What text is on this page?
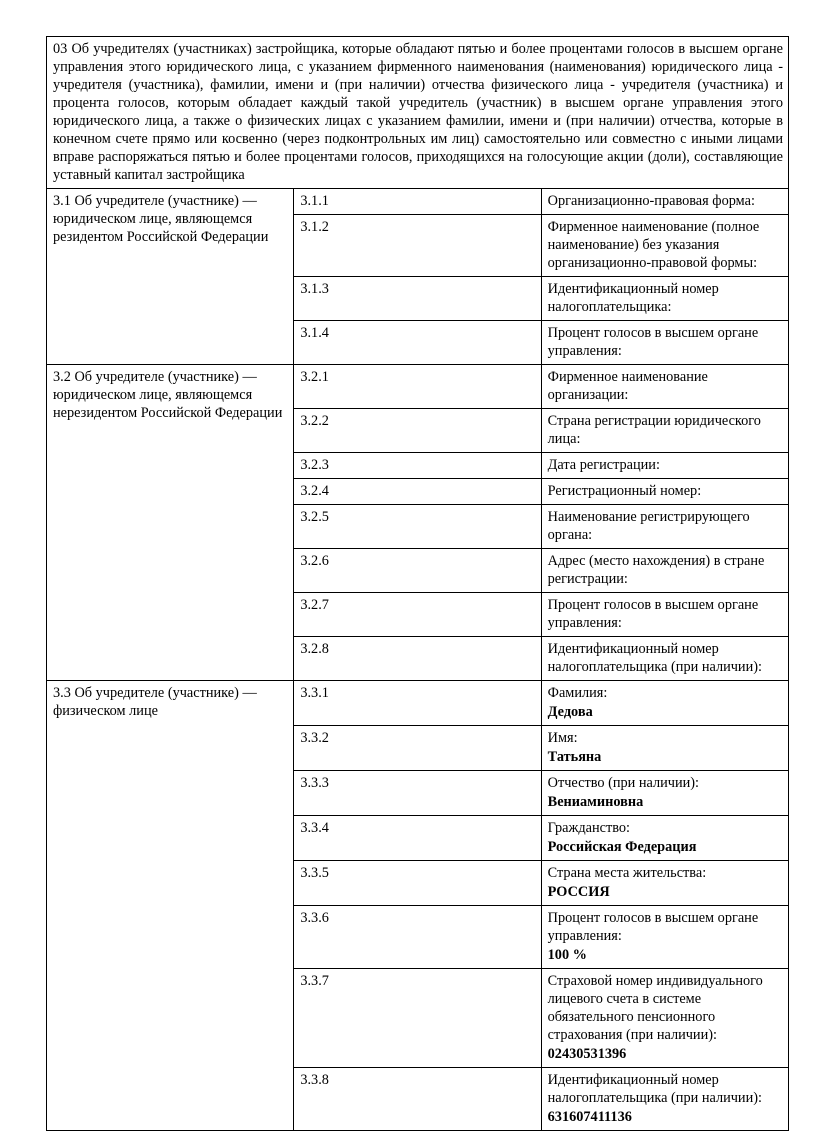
03 Об учредителях (участниках) застройщика, которые обладают пятью и более процентами голосов в высшем органе управления этого юридического лица, с указанием фирменного наименования (наименования) юридического лица - учредителя (участника), фамилии, имени и (при наличии) отчества физического лица - учредителя (участника) и процента голосов, которым обладает каждый такой учредитель (участник) в высшем органе управления этого юридического лица, а также о физических лицах с указанием фамилии, имени и (при наличии) отчества, которые в конечном счете прямо или косвенно (через подконтрольных им лиц) самостоятельно или совместно с иными лицами вправе распоряжаться пятью и более процентами голосов, приходящихся на голосующие акции (доли), составляющие уставный капитал застройщика		
3.1 Об учредителе (участнике) — юридическом лице, являющемся резидентом Российской Федерации	3.1.1	Организационно-правовая форма:

	3.1.2	Фирменное наименование (полное наименование) без указания организационно-правовой формы:

	3.1.3	Идентификационный номер налогоплательщика:

	3.1.4	Процент голосов в высшем органе управления:

3.2 Об учредителе (участнике) — юридическом лице, являющемся нерезидентом Российской Федерации	3.2.1	Фирменное наименование организации:

	3.2.2	Страна регистрации юридического лица:

	3.2.3	Дата регистрации:

	3.2.4	Регистрационный номер:

	3.2.5	Наименование регистрирующего органа:

	3.2.6	Адрес (место нахождения) в стране регистрации:

	3.2.7	Процент голосов в высшем органе управления:

	3.2.8	Идентификационный номер налогоплательщика (при наличии):

3.3 Об учредителе (участнике) — физическом лице	3.3.1	Фамилия:
Дедова

	3.3.2	Имя:
Татьяна

	3.3.3	Отчество (при наличии):
Вениаминовна

	3.3.4	Гражданство:
Российская Федерация

	3.3.5	Страна места жительства:
РОССИЯ

	3.3.6	Процент голосов в высшем органе управления:
100 %

	3.3.7	Страховой номер индивидуального лицевого счета в системе обязательного пенсионного страхования (при наличии):
02430531396

	3.3.8	Идентификационный номер налогоплательщика (при наличии):
631607411136
